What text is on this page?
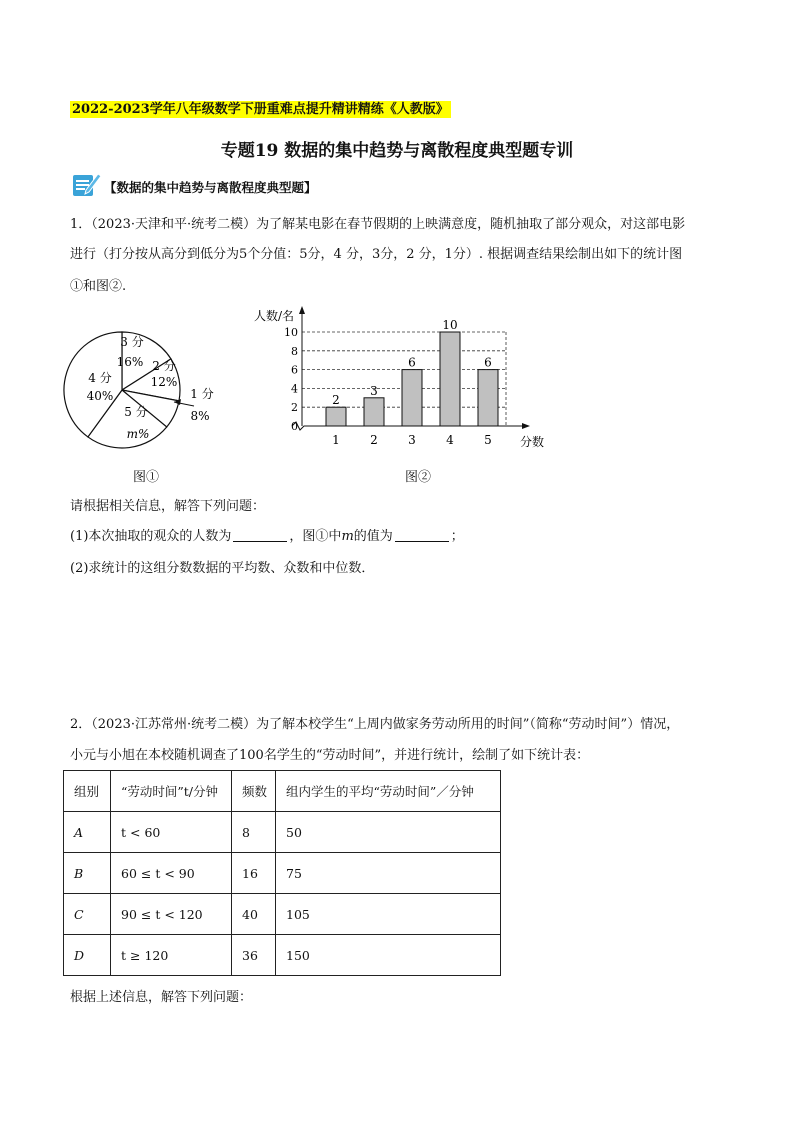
2022-2023学年八年级数学下册重难点提升精讲精练《人教版》
专题19 数据的集中趋势与离散程度典型题专训
【数据的集中趋势与离散程度典型题】
1．（2023·天津和平·统考二模）为了解某电影在春节假期的上映满意度，随机抽取了部分观众，对这部电影
进行（打分按从高分到低分为5个分值：5分，4 分，3分，2 分，1分）. 根据调查结果绘制出如下的统计图
①和图②.
3 分
16% 2 分
12%
1 分
8%
5 分
m%
4 分
40%
0
2
4
6
8
10
人数/名
分数
2
1
3
2
6
3
10
4
6
5
图①	图②
请根据相关信息，解答下列问题：
(1)本次抽取的观众的人数为	，图①中m的值为	；
(2)求统计的这组分数数据的平均数、众数和中位数．
2．（2023·江苏常州·统考二模）为了解本校学生“上周内做家务劳动所用的时间”（简称“劳动时间”）情况，
小元与小旭在本校随机调查了100名学生的“劳动时间”，并进行统计，绘制了如下统计表：
组别	“劳动时间”t/分钟	频数	组内学生的平均“劳动时间”／分钟
A	t < 60	8	50
B	60 ≤ t < 90	16	75
C	90 ≤ t < 120	40	105
D	t ≥ 120	36	150
根据上述信息，解答下列问题：
